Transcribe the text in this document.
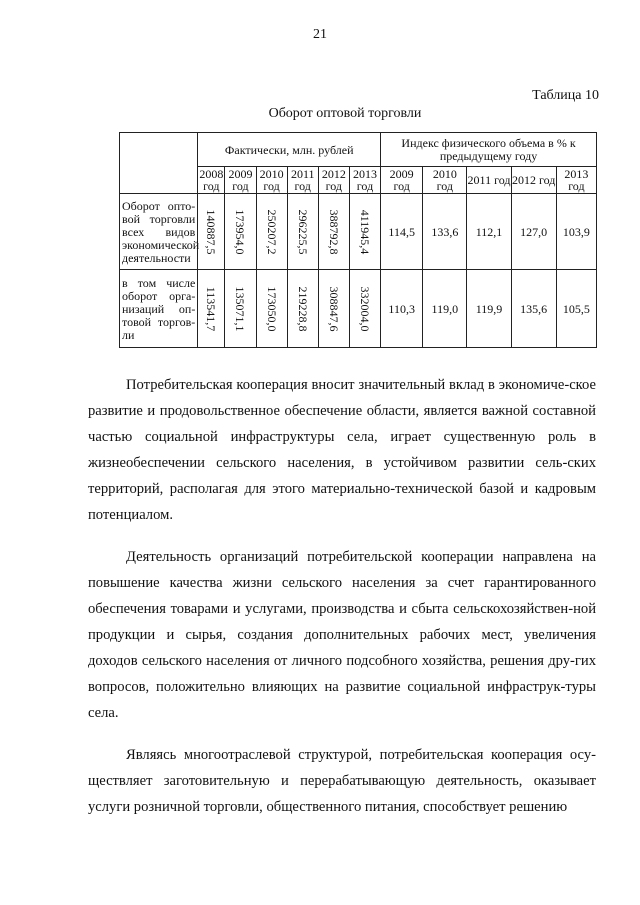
21
Таблица 10
Оборот оптовой торговли
	Фактически, млн. рублей						Индекс физического объема в % к предыдущему году				
	2008 год	2009 год	2010 год	2011 год	2012 год	2013 год	2009 год	2010 год	2011 год	2012 год	2013 год
Оборот опто-вой торговли всех видов экономической деятельности	140887,5	173954,0	250207,2	296225,5	388792,8	411945,4	114,5	133,6	112,1	127,0	103,9
в том числе оборот орга-низаций оп-товой торгов-ли	113541,7	135071,1	173050,0	219228,8	308847,6	332004,0	110,3	119,0	119,9	135,6	105,5

Потребительская кооперация вносит значительный вклад в экономиче-ское развитие и продовольственное обеспечение области, является важной составной частью социальной инфраструктуры села, играет существенную роль в жизнеобеспечении сельского населения, в устойчивом развитии сель-ских территорий, располагая для этого материально-технической базой и кадровым потенциалом.

Деятельность организаций потребительской кооперации направлена на повышение качества жизни сельского населения за счет гарантированного обеспечения товарами и услугами, производства и сбыта сельскохозяйствен-ной продукции и сырья, создания дополнительных рабочих мест, увеличения доходов сельского населения от личного подсобного хозяйства, решения дру-гих вопросов, положительно влияющих на развитие социальной инфраструк-туры села.

Являясь многоотраслевой структурой, потребительская кооперация осу-ществляет заготовительную и перерабатывающую деятельность, оказывает услуги розничной торговли, общественного питания, способствует решению
